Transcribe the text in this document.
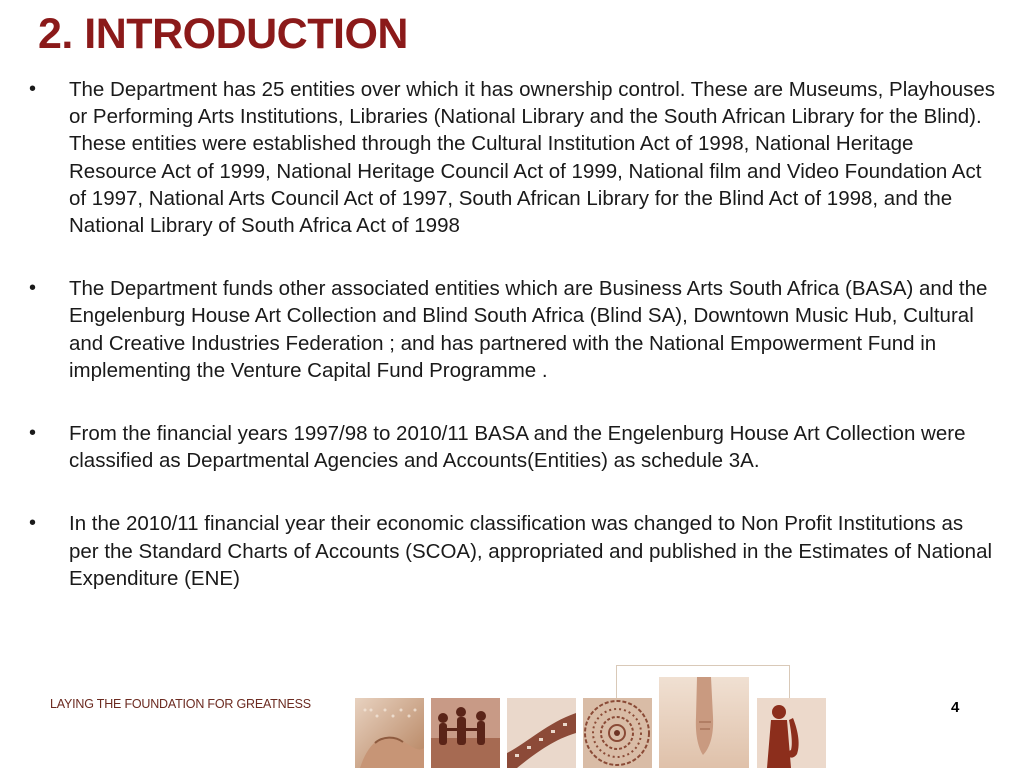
2. INTRODUCTION
• The Department has 25 entities over which it has ownership control. These are Museums, Playhouses or Performing Arts Institutions, Libraries (National Library and the South African Library for the Blind). These entities were established through the Cultural Institution Act of 1998, National Heritage Resource Act of 1999, National Heritage Council Act of 1999, National film and Video Foundation Act of 1997, National Arts Council Act of 1997, South African Library for the Blind Act of 1998, and the National Library of South Africa Act of 1998
• The Department funds other associated entities which are Business Arts South Africa (BASA) and the Engelenburg House Art Collection and Blind South Africa (Blind SA), Downtown Music Hub, Cultural and Creative Industries Federation ; and has partnered with the National Empowerment Fund in implementing the Venture Capital Fund Programme .
• From the financial years 1997/98 to 2010/11 BASA and the Engelenburg House Art Collection were classified as Departmental Agencies and Accounts(Entities) as schedule 3A.
• In the 2010/11 financial year their economic classification was changed to Non Profit Institutions as per the Standard Charts of Accounts (SCOA), appropriated and published in the Estimates of National Expenditure (ENE)
LAYING THE FOUNDATION FOR GREATNESS	4
